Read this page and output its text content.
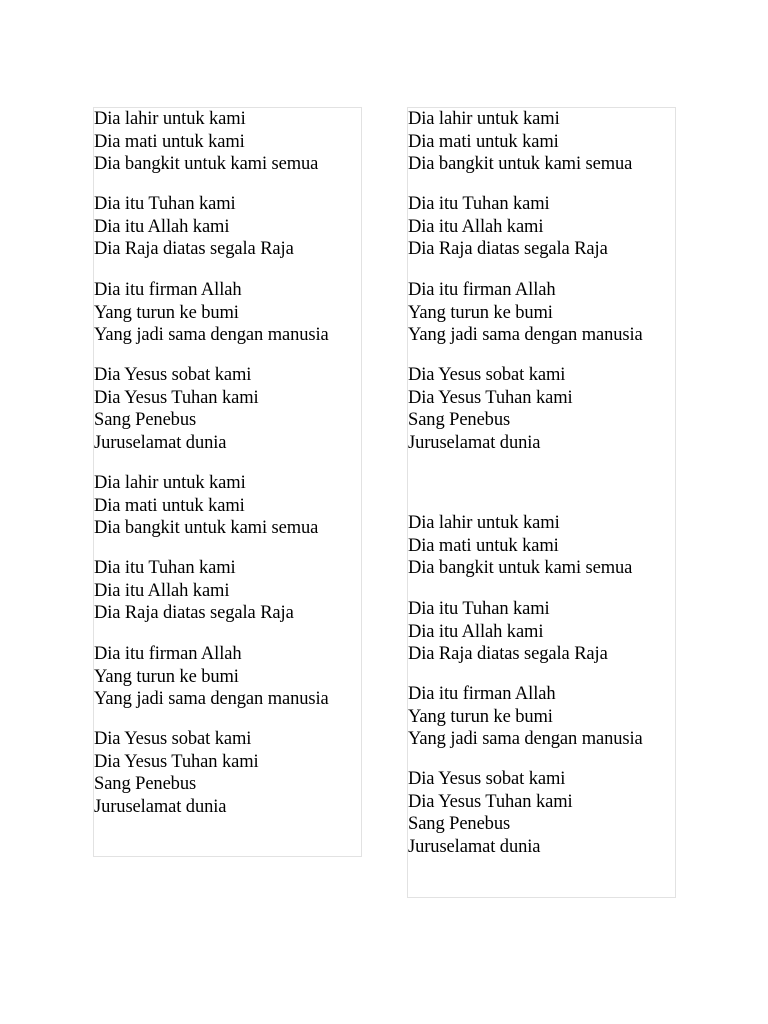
Dia lahir untuk kami
Dia mati untuk kami
Dia bangkit untuk kami semua
Dia itu Tuhan kami
Dia itu Allah kami
Dia Raja diatas segala Raja
Dia itu firman Allah
Yang turun ke bumi
Yang jadi sama dengan manusia
Dia Yesus sobat kami
Dia Yesus Tuhan kami
Sang Penebus
Juruselamat dunia
Dia lahir untuk kami
Dia mati untuk kami
Dia bangkit untuk kami semua
Dia itu Tuhan kami
Dia itu Allah kami
Dia Raja diatas segala Raja
Dia itu firman Allah
Yang turun ke bumi
Yang jadi sama dengan manusia
Dia Yesus sobat kami
Dia Yesus Tuhan kami
Sang Penebus
Juruselamat dunia
Dia lahir untuk kami
Dia mati untuk kami
Dia bangkit untuk kami semua
Dia itu Tuhan kami
Dia itu Allah kami
Dia Raja diatas segala Raja
Dia itu firman Allah
Yang turun ke bumi
Yang jadi sama dengan manusia
Dia Yesus sobat kami
Dia Yesus Tuhan kami
Sang Penebus
Juruselamat dunia
Dia lahir untuk kami
Dia mati untuk kami
Dia bangkit untuk kami semua
Dia itu Tuhan kami
Dia itu Allah kami
Dia Raja diatas segala Raja
Dia itu firman Allah
Yang turun ke bumi
Yang jadi sama dengan manusia
Dia Yesus sobat kami
Dia Yesus Tuhan kami
Sang Penebus
Juruselamat dunia
